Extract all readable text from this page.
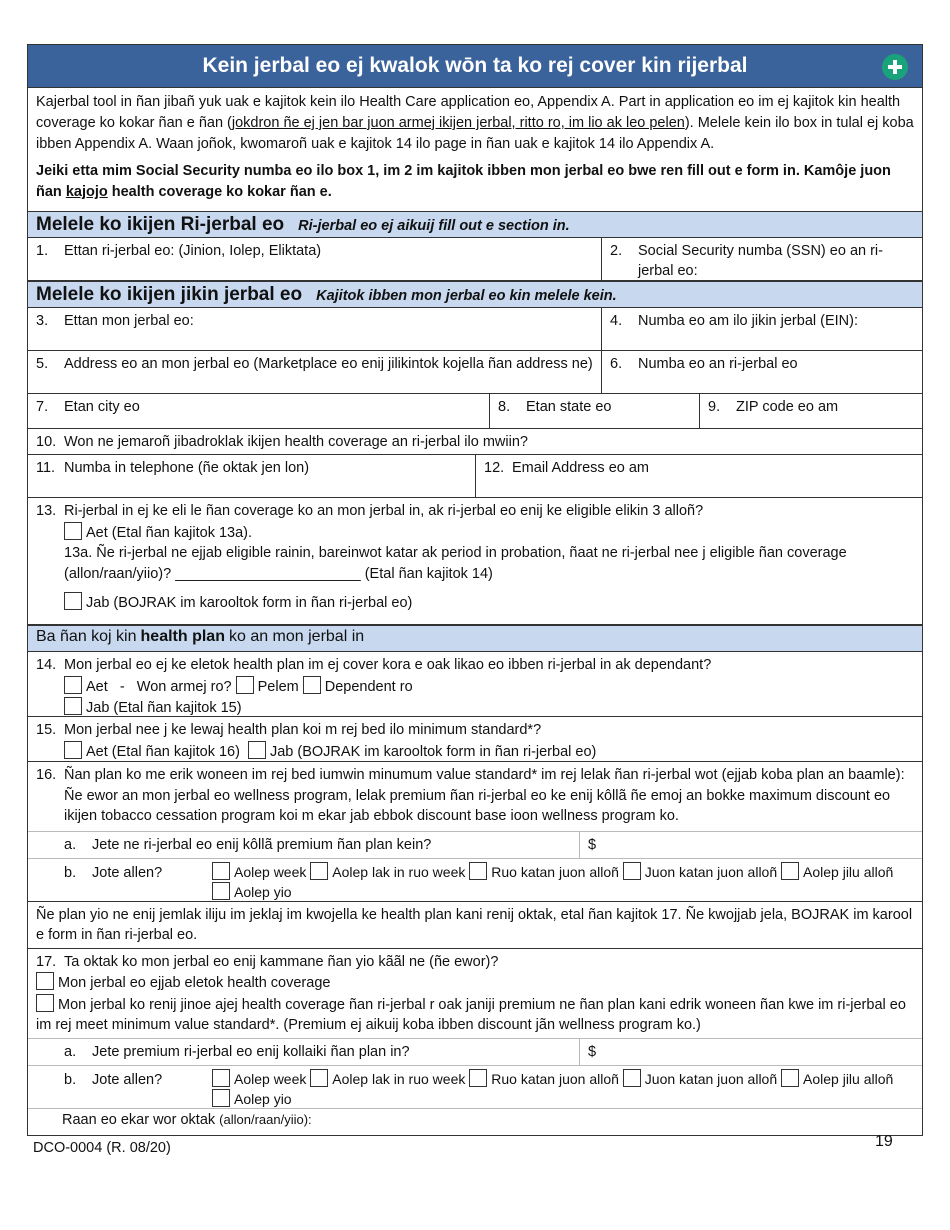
Kein jerbal eo ej kwalok wōn ta ko rej cover kin rijerbal

Kajerbal tool in ñan jibañ yuk uak e kajitok kein ilo Health Care application eo, Appendix A. Part in application eo im ej kajitok kin health coverage ko kokar ñan e ñan (jokdron ñe ej jen bar juon armej ikijen jerbal, ritto ro, im lio ak leo pelen). Melele kein ilo box in tulal ej koba ibben Appendix A. Waan joñok, kwomaroñ uak e kajitok 14 ilo page in ñan uak e kajitok 14 ilo Appendix A.

Jeiki etta mim Social Security numba eo ilo box 1, im 2 im kajitok ibben mon jerbal eo bwe ren fill out e form in. Kamôje juon ñan kajojo health coverage ko kokar ñan e.

Melele ko ikijen Ri-jerbal eo Ri-jerbal eo ej aikuij fill out e section in.
1.	Ettan ri-jerbal eo: (Jinion, Iolep, Eliktata)	2.	Social Security numba (SSN) eo an ri-jerbal eo:
Melele ko ikijen jikin jerbal eo Kajitok ibben mon jerbal eo kin melele kein.
3.	Ettan mon jerbal eo:	4.	Numba eo am ilo jikin jerbal (EIN):
5.	Address eo an mon jerbal eo (Marketplace eo enij jilikintok kojella ñan address ne) 6.	Numba eo an ri-jerbal eo
7.	Etan city eo	8.	Etan state eo	9.	ZIP code eo am
10. Won ne jemaroñ jibadroklak ikijen health coverage an ri-jerbal ilo mwiin?
11. Numba in telephone (ñe oktak jen lon)	12. Email Address eo am
13. Ri-jerbal in ej ke eli le ñan coverage ko an mon jerbal in, ak ri-jerbal eo enij ke eligible elikin 3 alloñ?
Aet (Etal ñan kajitok 13a).
13a. Ñe ri-jerbal ne ejjab eligible rainin, bareinwot katar ak period in probation, ñaat ne ri-jerbal nee j eligible ñan coverage (allon/raan/yiio)? _______________________ (Etal ñan kajitok 14)
Jab (BOJRAK im karooltok form in ñan ri-jerbal eo)
Ba ñan koj kin health plan ko an mon jerbal in
14. Mon jerbal eo ej ke eletok health plan im ej cover kora e oak likao eo ibben ri-jerbal in ak dependant?
Aet   -   Won armej ro? Pelem Dependent ro
Jab (Etal ñan kajitok 15)
15. Mon jerbal nee j ke lewaj health plan koi m rej bed ilo minimum standard*?
Aet (Etal ñan kajitok 16) Jab (BOJRAK im karooltok form in ñan ri-jerbal eo)
16. Ñan plan ko me erik woneen im rej bed iumwin minumum value standard* im rej lelak ñan ri-jerbal wot (ejjab koba plan an baamle): Ñe ewor an mon jerbal eo wellness program, lelak premium ñan ri-jerbal eo ke enij kôllã ñe emoj an bokke maximum discount eo ikijen tobacco cessation program koi m ekar jab ebbok discount base ioon wellness program ko.
a.	Jete ne ri-jerbal eo enij kôllã premium ñan plan kein?	$
b.	Jote allen?	Aolep week Aolep lak in ruo week Ruo katan juon alloñ Juon katan juon alloñ Aolep jilu alloñ
Aolep yio
Ñe plan yio ne enij jemlak iliju im jeklaj im kwojella ke health plan kani renij oktak, etal ñan kajitok 17. Ñe kwojjab jela, BOJRAK im karool e form in ñan ri-jerbal eo.
17. Ta oktak ko mon jerbal eo enij kammane ñan yio kããl ne (ñe ewor)?
Mon jerbal eo ejjab eletok health coverage
Mon jerbal ko renij jinoe ajej health coverage ñan ri-jerbal r oak janiji premium ne ñan plan kani edrik woneen ñan kwe im ri-jerbal eo im rej meet minimum value standard*. (Premium ej aikuij koba ibben discount jãn wellness program ko.)
a.	Jete premium ri-jerbal eo enij kollaiki ñan plan in?	$
b.	Jote allen?	Aolep week Aolep lak in ruo week Ruo katan juon alloñ Juon katan juon alloñ Aolep jilu alloñ
Aolep yio
Raan eo ekar wor oktak (allon/raan/yiio):
DCO-0004 (R. 08/20)	19
